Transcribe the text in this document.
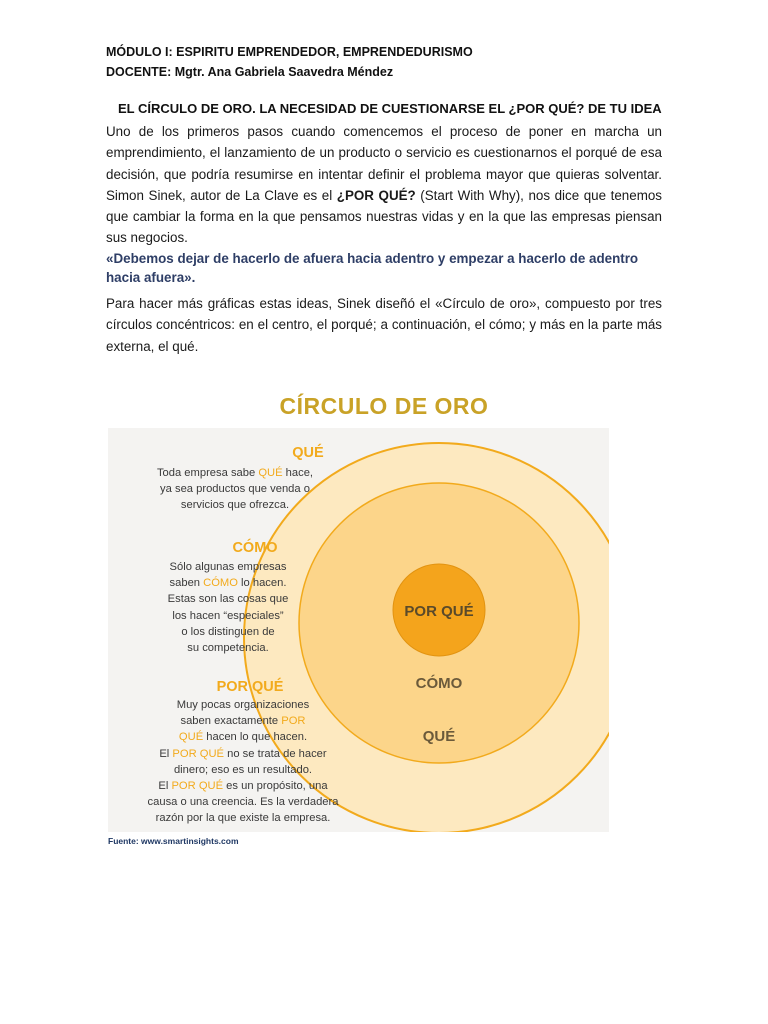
MÓDULO I: ESPIRITU EMPRENDEDOR, EMPRENDEDURISMO
DOCENTE: Mgtr. Ana Gabriela Saavedra Méndez
EL CÍRCULO DE ORO. LA NECESIDAD DE CUESTIONARSE EL ¿POR QUÉ? DE TU IDEA
Uno de los primeros pasos cuando comencemos el proceso de poner en marcha un emprendimiento, el lanzamiento de un producto o servicio es cuestionarnos el porqué de esa decisión, que podría resumirse en intentar definir el problema mayor que quieras solventar. Simon Sinek, autor de La Clave es el ¿POR QUÉ? (Start With Why), nos dice que tenemos que cambiar la forma en la que pensamos nuestras vidas y en la que las empresas piensan sus negocios.
«Debemos dejar de hacerlo de afuera hacia adentro y empezar a hacerlo de adentro hacia afuera».
Para hacer más gráficas estas ideas, Sinek diseñó el «Círculo de oro», compuesto por tres círculos concéntricos: en el centro, el porqué; a continuación, el cómo; y más en la parte más externa, el qué.
CÍRCULO DE ORO
POR QUÉ
CÓMO
QUÉ
QUÉ
Toda empresa sabe QUÉ hace,
ya sea productos que venda o
servicios que ofrezca.
CÓMO
Sólo algunas empresas
saben CÓMO lo hacen.
Estas son las cosas que
los hacen “especiales”
o los distinguen de
su competencia.
POR QUÉ
Muy pocas organizaciones
saben exactamente POR
QUÉ hacen lo que hacen.
El POR QUÉ no se trata de hacer
dinero; eso es un resultado.
El POR QUÉ es un propósito, una
causa o una creencia. Es la verdadera
razón por la que existe la empresa.
Fuente: www.smartinsights.com
